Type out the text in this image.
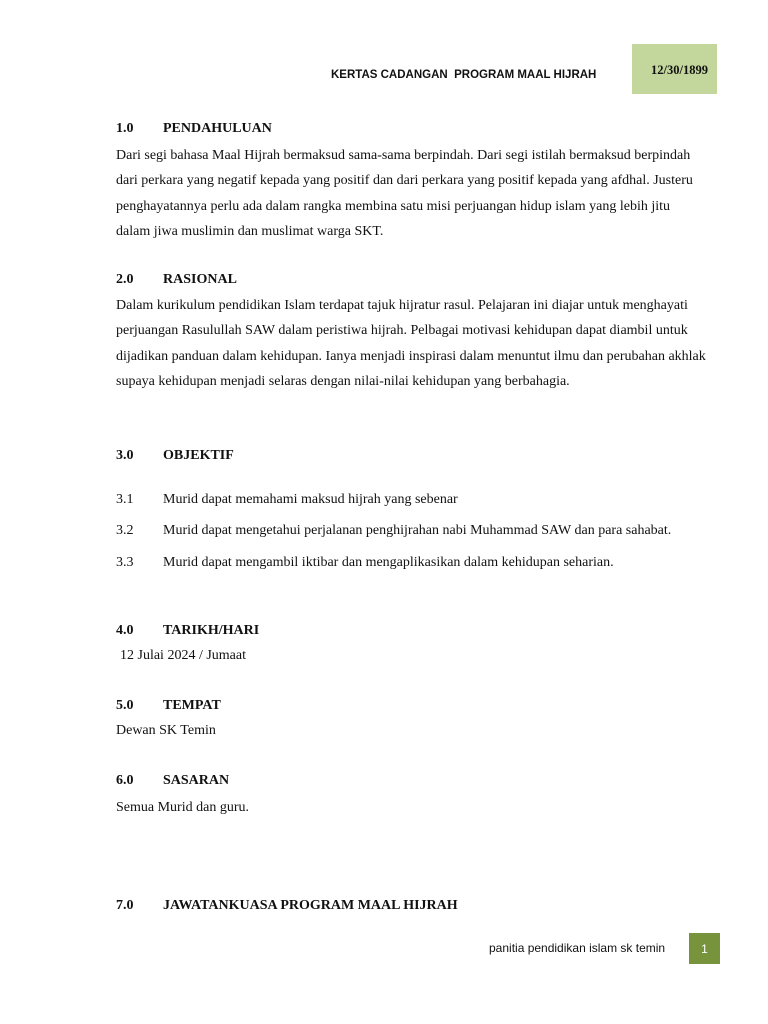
KERTAS CADANGAN  PROGRAM MAAL HIJRAH	12/30/1899
1.0 PENDAHULUAN

Dari segi bahasa Maal Hijrah bermaksud sama-sama berpindah. Dari segi istilah bermaksud berpindah dari perkara yang negatif kepada yang positif dan dari perkara yang positif kepada yang afdhal. Justeru penghayatannya perlu ada dalam rangka membina satu misi perjuangan hidup islam yang lebih jitu dalam jiwa muslimin dan muslimat warga SKT.

2.0 RASIONAL

Dalam kurikulum pendidikan Islam terdapat tajuk hijratur rasul. Pelajaran ini diajar untuk menghayati perjuangan Rasulullah SAW dalam peristiwa hijrah. Pelbagai motivasi kehidupan dapat diambil untuk dijadikan panduan dalam kehidupan. Ianya menjadi inspirasi dalam menuntut ilmu dan perubahan akhlak supaya kehidupan menjadi selaras dengan nilai-nilai kehidupan yang berbahagia.

3.0 OBJEKTIF
3.1 Murid dapat memahami maksud hijrah yang sebenar
3.2 Murid dapat mengetahui perjalanan penghijrahan nabi Muhammad SAW dan para sahabat.
3.3 Murid dapat mengambil iktibar dan mengaplikasikan dalam kehidupan seharian.
4.0 TARIKH/HARI
12 Julai 2024 / Jumaat
5.0 TEMPAT
Dewan SK Temin
6.0 SASARAN
Semua Murid dan guru.
7.0 JAWATANKUASA PROGRAM MAAL HIJRAH
panitia pendidikan islam sk temin	1
